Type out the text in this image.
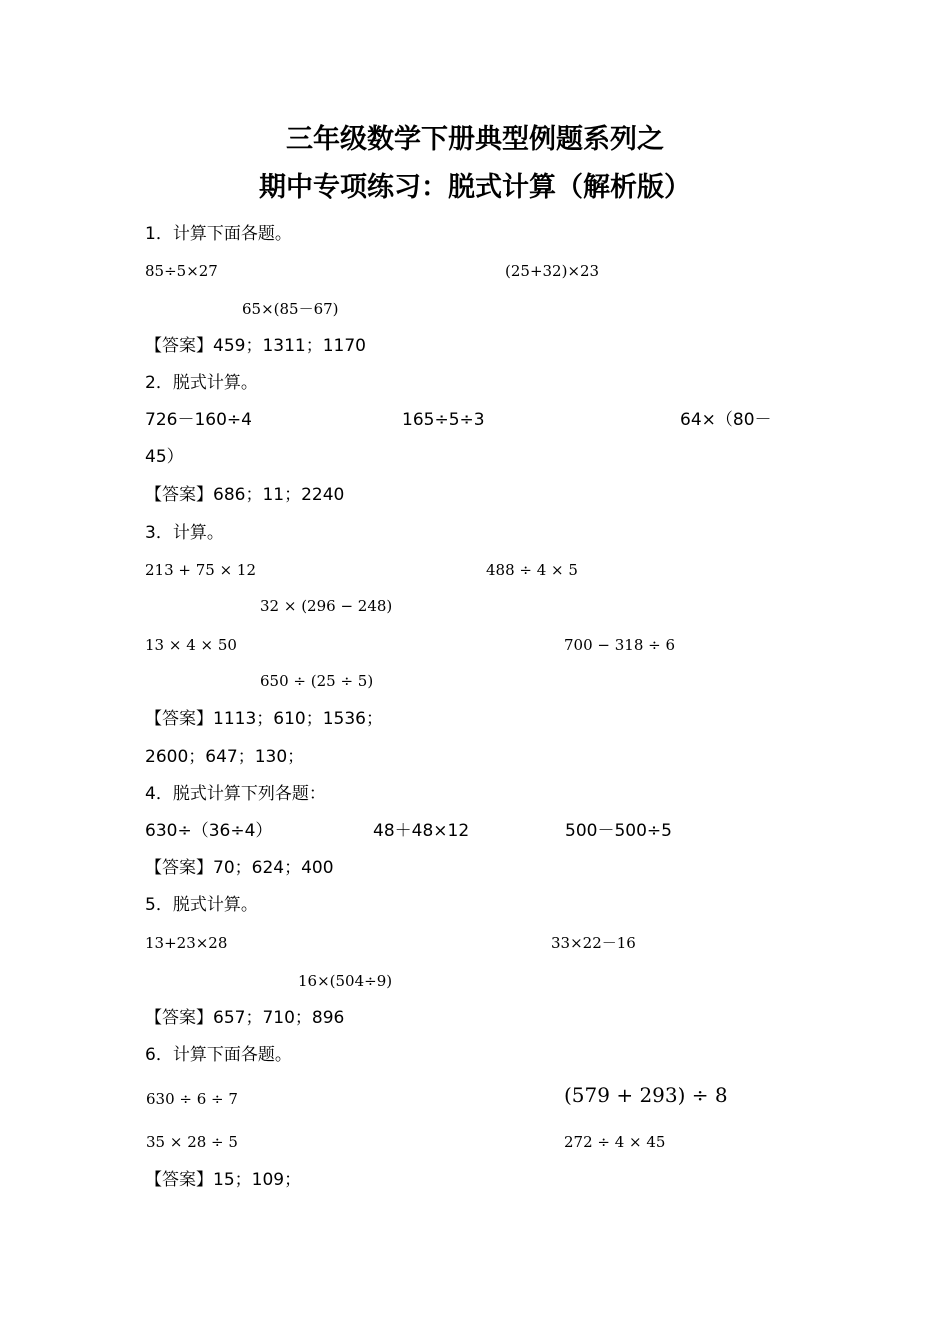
三年级数学下册典型例题系列之
期中专项练习：脱式计算（解析版）
1．计算下面各题。
85÷5×27	(25+32)×23
65×(85－67)
【答案】459；1311；1170
2．脱式计算。
726－160÷4	165÷5÷3	64×（80－
45）
【答案】686；11；2240
3．计算。
213 + 75 × 12	488 ÷ 4 × 5
32 × (296 − 248)
13 × 4 × 50	700 − 318 ÷ 6
650 ÷ (25 ÷ 5)
【答案】1113；610；1536；
2600；647；130；
4．脱式计算下列各题：
630÷（36÷4）	48＋48×12	500－500÷5
【答案】70；624；400
5．脱式计算。
13+23×28	33×22－16
16×(504÷9)
【答案】657；710；896
6．计算下面各题。
630 ÷ 6 ÷ 7	(579 + 293) ÷ 8
35 × 28 ÷ 5	272 ÷ 4 × 45
【答案】15；109；
